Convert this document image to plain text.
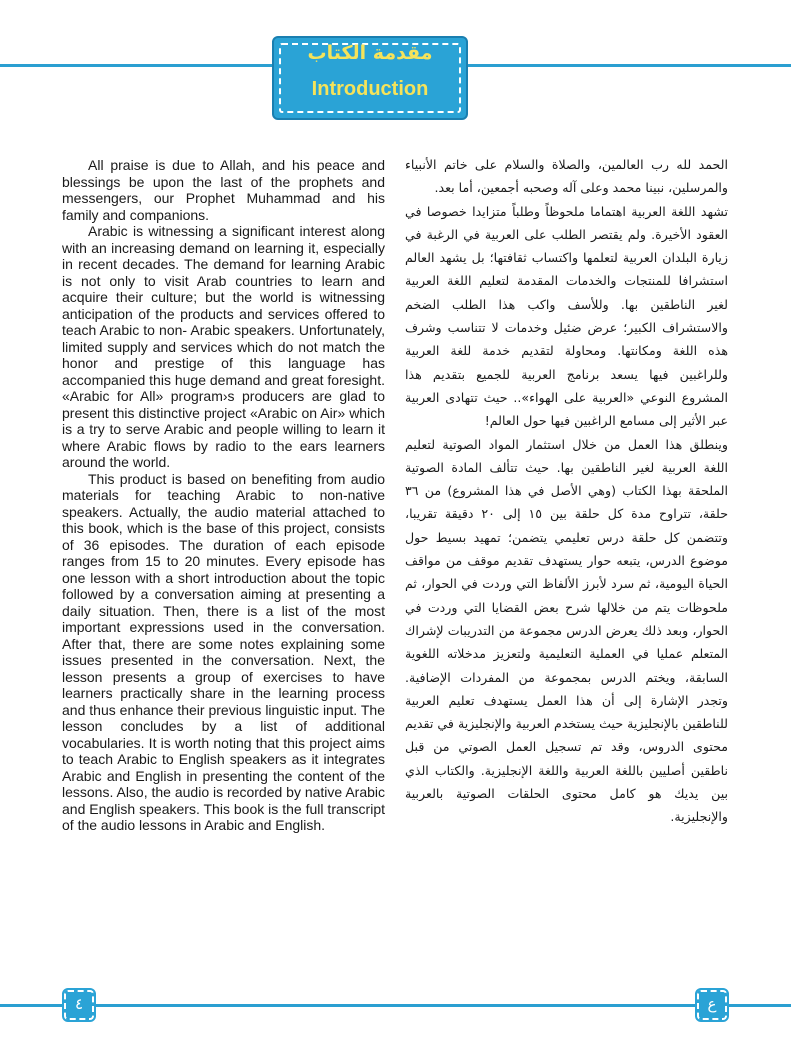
مقدمة الكتاب
Introduction

All praise is due to Allah, and his peace and blessings be upon the last of the prophets and messengers, our Prophet Muhammad and his family and companions.

Arabic is witnessing a significant interest along with an increasing demand on learning it, especially in recent decades. The demand for learning Arabic is not only to visit Arab countries to learn and acquire their culture; but the world is witnessing anticipation of the products and services offered to teach Arabic to non- Arabic speakers. Unfortunately, limited supply and services which do not match the honor and prestige of this language has accompanied this huge demand and great foresight. «Arabic for All» program›s producers are glad to present this distinctive project «Arabic on Air» which is a try to serve Arabic and people willing to learn it where Arabic flows by radio to the ears learners around the world.

This product is based on benefiting from audio materials for teaching Arabic to non-native speakers. Actually, the audio material attached to this book, which is the base of this project, consists of 36 episodes. The duration of each episode ranges from 15 to 20 minutes. Every episode has one lesson with a short introduction about the topic followed by a conversation aiming at presenting a daily situation. Then, there is a list of the most important expressions used in the conversation. After that, there are some notes explaining some issues presented in the conversation. Next, the lesson presents a group of exercises to have learners practically share in the learning process and thus enhance their previous linguistic input. The lesson concludes by a list of additional vocabularies. It is worth noting that this project aims to teach Arabic to English speakers as it integrates Arabic and English in presenting the content of the lessons. Also, the audio is recorded by native Arabic and English speakers. This book is the full transcript of the audio lessons in Arabic and English.

الحمد لله رب العالمين، والصلاة والسلام على خاتم الأنبياء والمرسلين، نبينا محمد وعلى آله وصحبه أجمعين، أما بعد.

تشهد اللغة العربية اهتماما ملحوظاً وطلباً متزايدا خصوصا في العقود الأخيرة. ولم يقتصر الطلب على العربية في الرغبة في زيارة البلدان العربية لتعلمها واكتساب ثقافتها؛ بل يشهد العالم استشرافا للمنتجات والخدمات المقدمة لتعليم اللغة العربية لغير الناطقين بها. وللأسف واكب هذا الطلب الضخم والاستشراف الكبير؛ عرض ضئيل وخدمات لا تتناسب وشرف هذه اللغة ومكانتها. ومحاولة لتقديم خدمة للغة العربية وللراغبين فيها يسعد برنامج العربية للجميع بتقديم هذا المشروع النوعي «العربية على الهواء».. حيث تتهادى العربية عبر الأثير إلى مسامع الراغبين فيها حول العالم!

وينطلق هذا العمل من خلال استثمار المواد الصوتية لتعليم اللغة العربية لغير الناطقين بها. حيث تتألف المادة الصوتية الملحقة بهذا الكتاب (وهي الأصل في هذا المشروع) من ٣٦ حلقة، تتراوح مدة كل حلقة بين ١٥ إلى ٢٠ دقيقة تقريبا، وتتضمن كل حلقة درس تعليمي يتضمن؛ تمهيد بسيط حول موضوع الدرس، يتبعه حوار يستهدف تقديم موقف من مواقف الحياة اليومية، ثم سرد لأبرز الألفاظ التي وردت في الحوار، ثم ملحوظات يتم من خلالها شرح بعض القضايا التي وردت في الحوار، وبعد ذلك يعرض الدرس مجموعة من التدريبات لإشراك المتعلم عمليا في العملية التعليمية ولتعزيز مدخلاته اللغوية السابقة، ويختم الدرس بمجموعة من المفردات الإضافية. وتجدر الإشارة إلى أن هذا العمل يستهدف تعليم العربية للناطقين بالإنجليزية حيث يستخدم العربية والإنجليزية في تقديم محتوى الدروس، وقد تم تسجيل العمل الصوتي من قبل ناطقين أصليين باللغة العربية واللغة الإنجليزية. والكتاب الذي بين يديك هو كامل محتوى الحلقات الصوتية بالعربية والإنجليزية.

٤	ع
